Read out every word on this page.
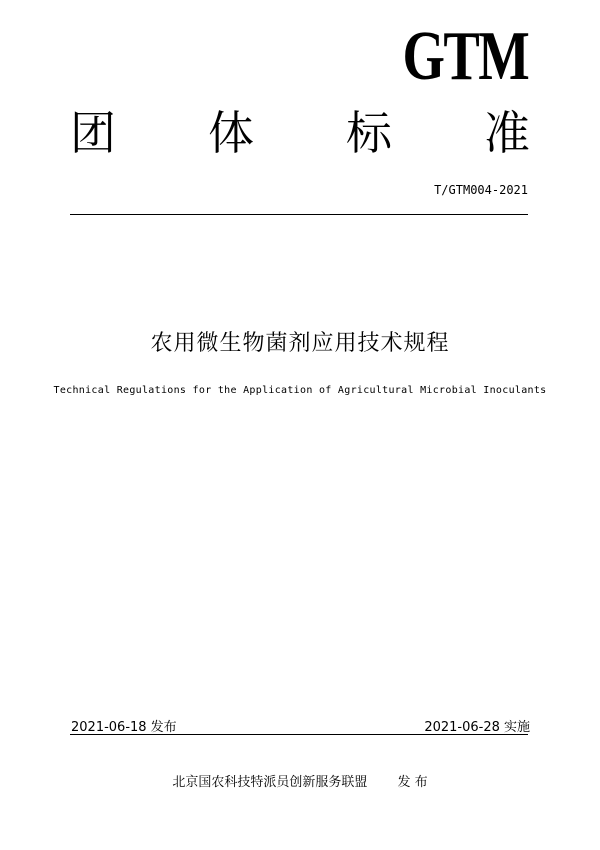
GTM
团 体 标 准
T/GTM004-2021
农用微生物菌剂应用技术规程
Technical Regulations for the Application of Agricultural Microbial Inoculants
2021-06-18 发布	2021-06-28 实施
北京国农科技特派员创新服务联盟 发 布
